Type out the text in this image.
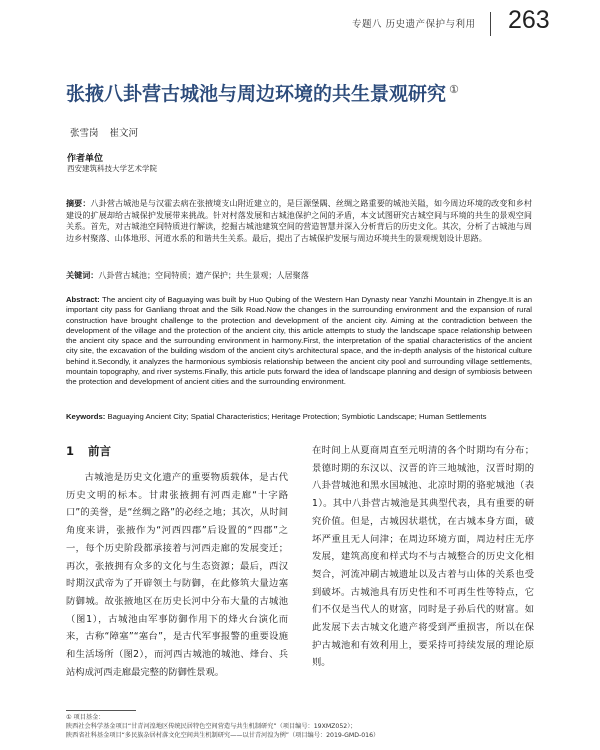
专题八 历史遗产保护与利用 263
张掖八卦营古城池与周边环境的共生景观研究 ①
张雪岗 崔文河
作者单位
西安建筑科技大学艺术学院
摘要：八卦营古城池是与汉霍去病在张掖境支山附近建立的，是巨源堡隅、丝绸之路重要的城池关隘，如今周边环境的改变和乡村建设的扩展却给古城保护发展带来挑战。针对村落发展和古城池保护之间的矛盾，本文试图研究古城空间与环境的共生的景观空间关系。首先，对古城池空间特质进行解读，挖掘古城池建筑空间的营造智慧并深入分析背后的历史文化。其次，分析了古城池与周边乡村聚落、山体地形、河道水系的和谐共生关系。最后，提出了古城保护发展与周边环境共生的景观规划设计思路。
关键词：八卦营古城池；空间特质；遗产保护；共生景观；人居聚落
Abstract: The ancient city of Baguaying was built by Huo Qubing of the Western Han Dynasty near Yanzhi Mountain in Zhengye.It is an important city pass for Ganliang throat and the Silk Road.Now the changes in the surrounding environment and the expansion of rural construction have brought challenge to the protection and development of the ancient city. Aiming at the contradiction between the development of the village and the protection of the ancient city, this article attempts to study the landscape space relationship between the ancient city space and the surrounding environment in harmony.First, the interpretation of the spatial characteristics of the ancient city site, the excavation of the building wisdom of the ancient city's architectural space, and the in-depth analysis of the historical culture behind it.Secondly, it analyzes the harmonious symbiosis relationship between the ancient city pool and surrounding village settlements, mountain topography, and river systems.Finally, this article puts forward the idea of landscape planning and design of symbiosis between the protection and development of ancient cities and the surrounding environment.
Keywords: Baguaying Ancient City; Spatial Characteristics; Heritage Protection; Symbiotic Landscape; Human Settlements
1 前言
古城池是历史文化遗产的重要物质载体，是古代历史文明的标本。甘肃张掖拥有河西走廊“十字路口”的美誉，是“丝绸之路”的必经之地；其次，从时间角度来讲，张掖作为“河西四郡”后设置的“四郡”之一，每个历史阶段都承接着与河西走廊的发展变迁；再次，张掖拥有众多的文化与生态资源；最后，西汉时期汉武帝为了开辟领土与防御，在此修筑大量边塞防御城。故张掖地区在历史长河中分布大量的古城池（图1），古城池由军事防御作用下的烽火台演化而来，古称“障塞”“塞台”，是古代军事报警的重要设施和生活场所（图2），而河西古城池的城池、烽台、兵站构成河西走廊最完整的防御性景观。
在时间上从夏商周直至元明清的各个时期均有分布；景德时期的东汉以、汉晋的许三地城池，汉晋时期的八卦营城池和黑水国城池、北凉时期的骆驼城池（表1）。其中八卦营古城池是其典型代表，具有重要的研究价值。但是，古城因状堪忧，在古城本身方面，破坏严重且无人问津；在周边环境方面，周边村庄无序发展，建筑高度和样式均不与古城整合的历史文化相契合，河流冲刷古城遗址以及古着与山体的关系也受到破坏。古城池具有历史性和不可再生性等特点，它们不仅是当代人的财富，同时是子孙后代的财富。如此发展下去古城文化遗产将受到严重损害，所以在保护古城池和有效利用上，要采持可持续发展的理论原则。
① 项目基金：
陕西社会科学基金项目“甘青河湟地区传统民居特色空间营造与共生机制研究”（项目编号：19XMZ052）；
陕西省社科基金项目“多民族杂居村落文化空间共生机制研究——以甘青河湟为例”（项目编号：2019-GMD-016）
